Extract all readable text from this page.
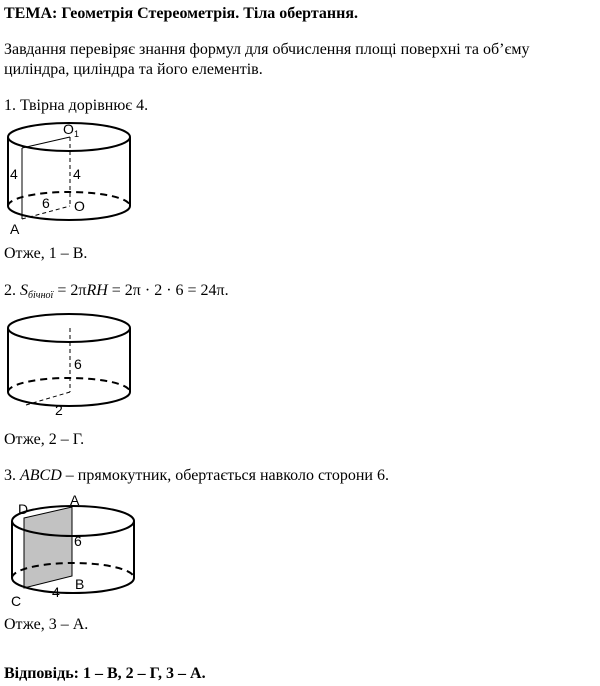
ТЕМА: Геометрія Стереометрія. Тіла обертання.
Завдання перевіряє знання формул для обчислення площі поверхні та об’єму
циліндра, циліндра та його елементів.
1. Твірна дорівнює 4.
O 1
4	4
6 O
A
Отже, 1 – В.
2. $S_{бічної} = 2\pi RH = 2\pi \cdot 2 \cdot 6 = 24\pi$.
6
2
Отже, 2 – Г.
3. ABCD – прямокутник, обертається навколо сторони 6.
D
A
6
B
C
4
Отже, 3 – А.
Відповідь: 1 – В, 2 – Г, 3 – А.
